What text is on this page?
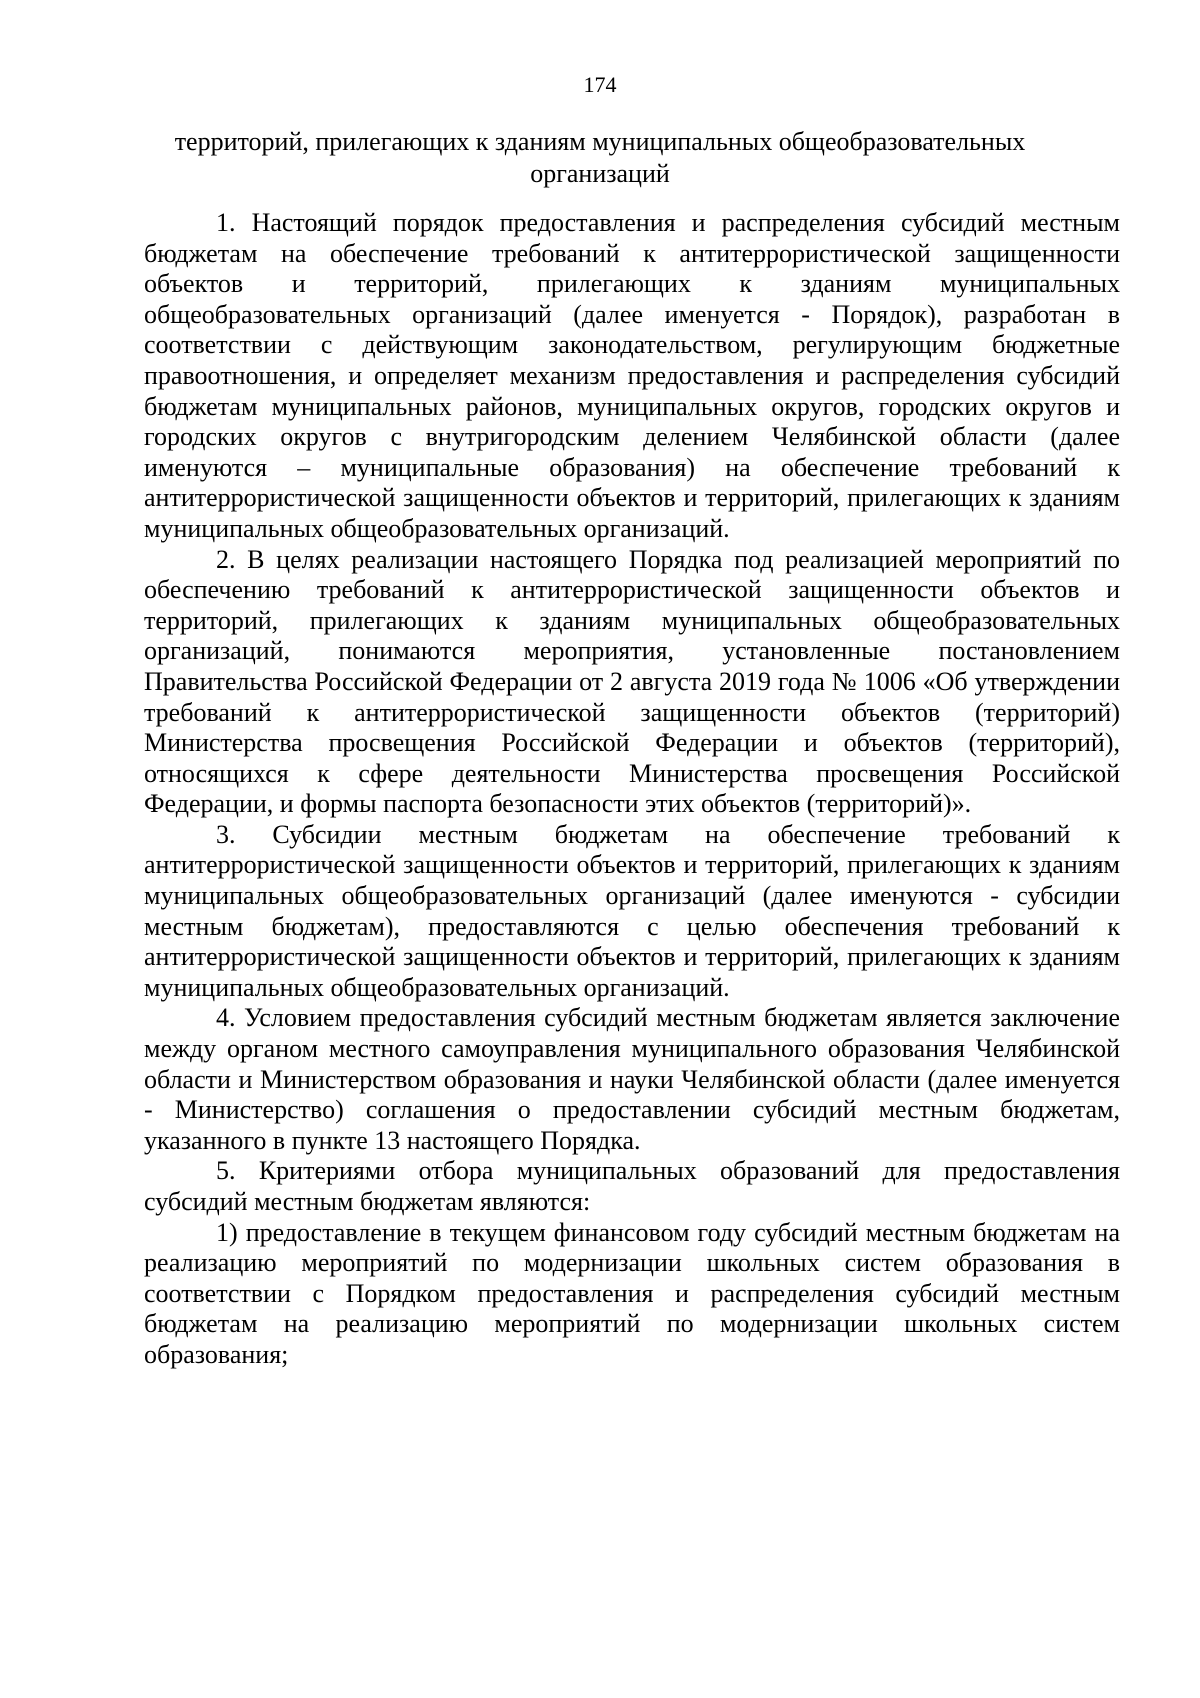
174
территорий, прилегающих к зданиям муниципальных общеобразовательных
организаций

1. Настоящий порядок предоставления и распределения субсидий местным бюджетам на обеспечение требований к антитеррористической защищенности объектов и территорий, прилегающих к зданиям муниципальных общеобразовательных организаций (далее именуется - Порядок), разработан в соответствии с действующим законодательством, регулирующим бюджетные правоотношения, и определяет механизм предоставления и распределения субсидий бюджетам муниципальных районов, муниципальных округов, городских округов и городских округов с внутригородским делением Челябинской области (далее именуются – муниципальные образования) на обеспечение требований к антитеррористической защищенности объектов и территорий, прилегающих к зданиям муниципальных общеобразовательных организаций.

2. В целях реализации настоящего Порядка под реализацией мероприятий по обеспечению требований к антитеррористической защищенности объектов и территорий, прилегающих к зданиям муниципальных общеобразовательных организаций, понимаются мероприятия, установленные постановлением Правительства Российской Федерации от 2 августа 2019 года № 1006 «Об утверждении требований к антитеррористической защищенности объектов (территорий) Министерства просвещения Российской Федерации и объектов (территорий), относящихся к сфере деятельности Министерства просвещения Российской Федерации, и формы паспорта безопасности этих объектов (территорий)».

3. Субсидии местным бюджетам на обеспечение требований к антитеррористической защищенности объектов и территорий, прилегающих к зданиям муниципальных общеобразовательных организаций (далее именуются - субсидии местным бюджетам), предоставляются с целью обеспечения требований к антитеррористической защищенности объектов и территорий, прилегающих к зданиям муниципальных общеобразовательных организаций.

4. Условием предоставления субсидий местным бюджетам является заключение между органом местного самоуправления муниципального образования Челябинской области и Министерством образования и науки Челябинской области (далее именуется - Министерство) соглашения о предоставлении субсидий местным бюджетам, указанного в пункте 13 настоящего Порядка.

5. Критериями отбора муниципальных образований для предоставления субсидий местным бюджетам являются:

1) предоставление в текущем финансовом году субсидий местным бюджетам на реализацию мероприятий по модернизации школьных систем образования в соответствии с Порядком предоставления и распределения субсидий местным бюджетам на реализацию мероприятий по модернизации школьных систем образования;
